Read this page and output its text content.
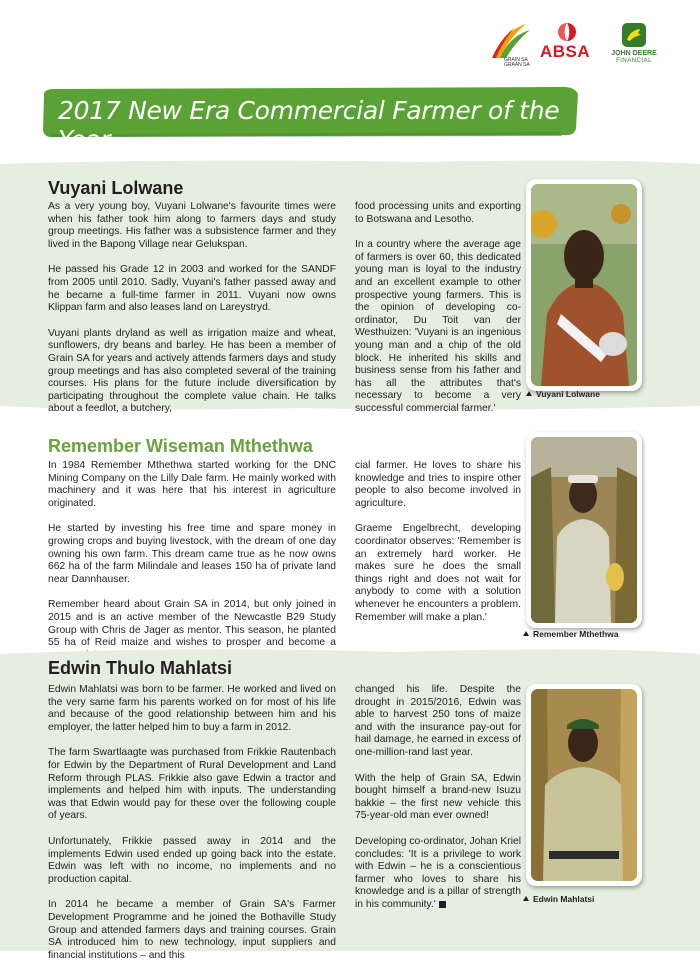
GRAIN SA
GRAAN SA
ABSA	JOHN DEERE
FINANCIAL
2017 New Era Commercial Farmer of the Year
Vuyani Lolwane

As a very young boy, Vuyani Lolwane's favourite times were when his father took him along to farmers days and study group meetings. His father was a subsistence farmer and they lived in the Bapong Village near Gelukspan.

He passed his Grade 12 in 2003 and worked for the SANDF from 2005 until 2010. Sadly, Vuyani's father passed away and he became a full-time farmer in 2011. Vuyani now owns Klippan farm and also leases land on Lareystryd.

Vuyani plants dryland as well as irrigation maize and wheat, sunflowers, dry beans and barley. He has been a member of Grain SA for years and actively attends farmers days and study group meetings and has also completed several of the training courses. His plans for the future include diversification by participating throughout the complete value chain. He talks about a feedlot, a butchery,

food processing units and exporting to Botswana and Lesotho.

In a country where the average age of farmers is over 60, this dedicated young man is loyal to the industry and an excellent example to other prospective young farmers. This is the opinion of developing co-ordinator, Du Toit van der Westhuizen: 'Vuyani is an ingenious young man and a chip of the old block. He inherited his skills and business sense from his father and has all the attributes that's necessary to become a very successful commercial farmer.'

Vuyani Lolwane
Remember Wiseman Mthethwa

In 1984 Remember Mthethwa started working for the DNC Mining Company on the Lilly Dale farm. He mainly worked with machinery and it was here that his interest in agriculture originated.

He started by investing his free time and spare money in growing crops and buying livestock, with the dream of one day owning his own farm. This dream came true as he now owns 662 ha of the farm Milindale and leases 150 ha of private land near Dannhauser.

Remember heard about Grain SA in 2014, but only joined in 2015 and is an active member of the Newcastle B29 Study Group with Chris de Jager as mentor. This season, he planted 55 ha of Reid maize and wishes to prosper and become a

cial farmer. He loves to share his knowledge and tries to inspire other people to also become involved in agriculture.

Graeme Engelbrecht, developing coordinator observes: 'Remember is an extremely hard worker. He makes sure he does the small things right and does not wait for anybody to come with a solution whenever he encounters a problem. Remember will make a plan.'

Remember Mthethwa
Edwin Thulo Mahlatsi

Edwin Mahlatsi was born to be farmer. He worked and lived on the very same farm his parents worked on for most of his life and because of the good relationship between him and his employer, the latter helped him to buy a farm in 2012.

The farm Swartlaagte was purchased from Frikkie Rautenbach for Edwin by the Department of Rural Development and Land Reform through PLAS. Frikkie also gave Edwin a tractor and implements and helped him with inputs. The understanding was that Edwin would pay for these over the following couple of years.

Unfortunately, Frikkie passed away in 2014 and the implements Edwin used ended up going back into the estate. Edwin was left with no income, no implements and no production capital.

In 2014 he became a member of Grain SA's Farmer Development Programme and he joined the Bothaville Study Group and attended farmers days and training courses. Grain SA introduced him to new technology, input suppliers and financial institutions – and this

changed his life. Despite the drought in 2015/2016, Edwin was able to harvest 250 tons of maize and with the insurance pay-out for hail damage, he earned in excess of one-million-rand last year.

With the help of Grain SA, Edwin bought himself a brand-new Isuzu bakkie – the first new vehicle this 75-year-old man ever owned!

Developing co-ordinator, Johan Kriel concludes: 'It is a privilege to work with Edwin – he is a conscientious farmer who loves to share his knowledge and is a pillar of strength in his community.'	Edwin Mahlatsi
